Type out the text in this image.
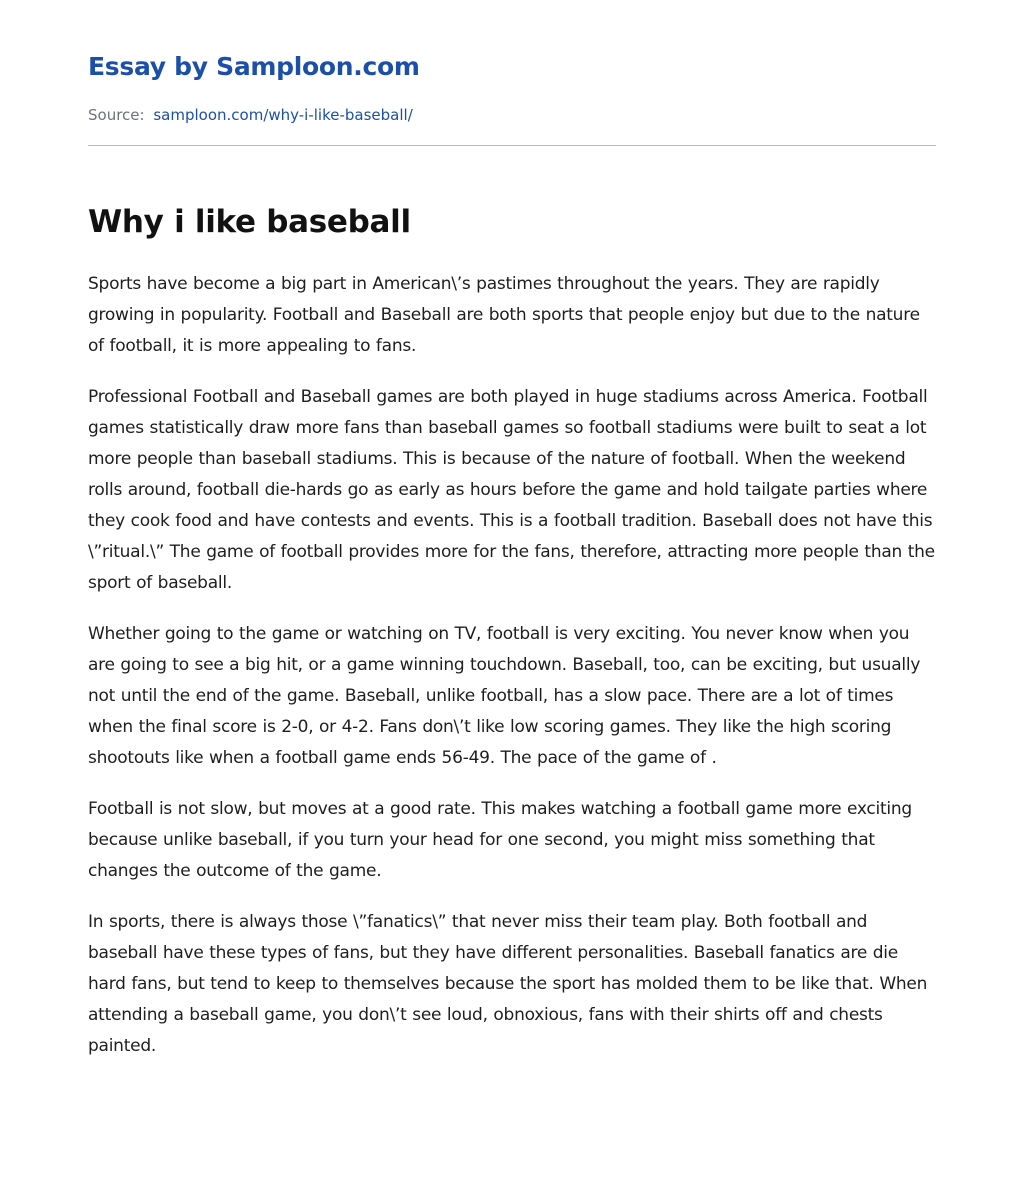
Essay by Samploon.com
Source: samploon.com/why-i-like-baseball/
Why i like baseball

Sports have become a big part in American\’s pastimes throughout the years. They are rapidly growing in popularity. Football and Baseball are both sports that people enjoy but due to the nature of football, it is more appealing to fans.

Professional Football and Baseball games are both played in huge stadiums across America. Football games statistically draw more fans than baseball games so football stadiums were built to seat a lot more people than baseball stadiums. This is because of the nature of football. When the weekend rolls around, football die-hards go as early as hours before the game and hold tailgate parties where they cook food and have contests and events. This is a football tradition. Baseball does not have this \”ritual.\” The game of football provides more for the fans, therefore, attracting more people than the sport of baseball.

Whether going to the game or watching on TV, football is very exciting. You never know when you are going to see a big hit, or a game winning touchdown. Baseball, too, can be exciting, but usually not until the end of the game. Baseball, unlike football, has a slow pace. There are a lot of times when the final score is 2-0, or 4-2. Fans don\’t like low scoring games. They like the high scoring shootouts like when a football game ends 56-49. The pace of the game of .

Football is not slow, but moves at a good rate. This makes watching a football game more exciting because unlike baseball, if you turn your head for one second, you might miss something that changes the outcome of the game.

In sports, there is always those \”fanatics\” that never miss their team play. Both football and baseball have these types of fans, but they have different personalities. Baseball fanatics are die hard fans, but tend to keep to themselves because the sport has molded them to be like that. When attending a baseball game, you don\’t see loud, obnoxious, fans with their shirts off and chests painted.
